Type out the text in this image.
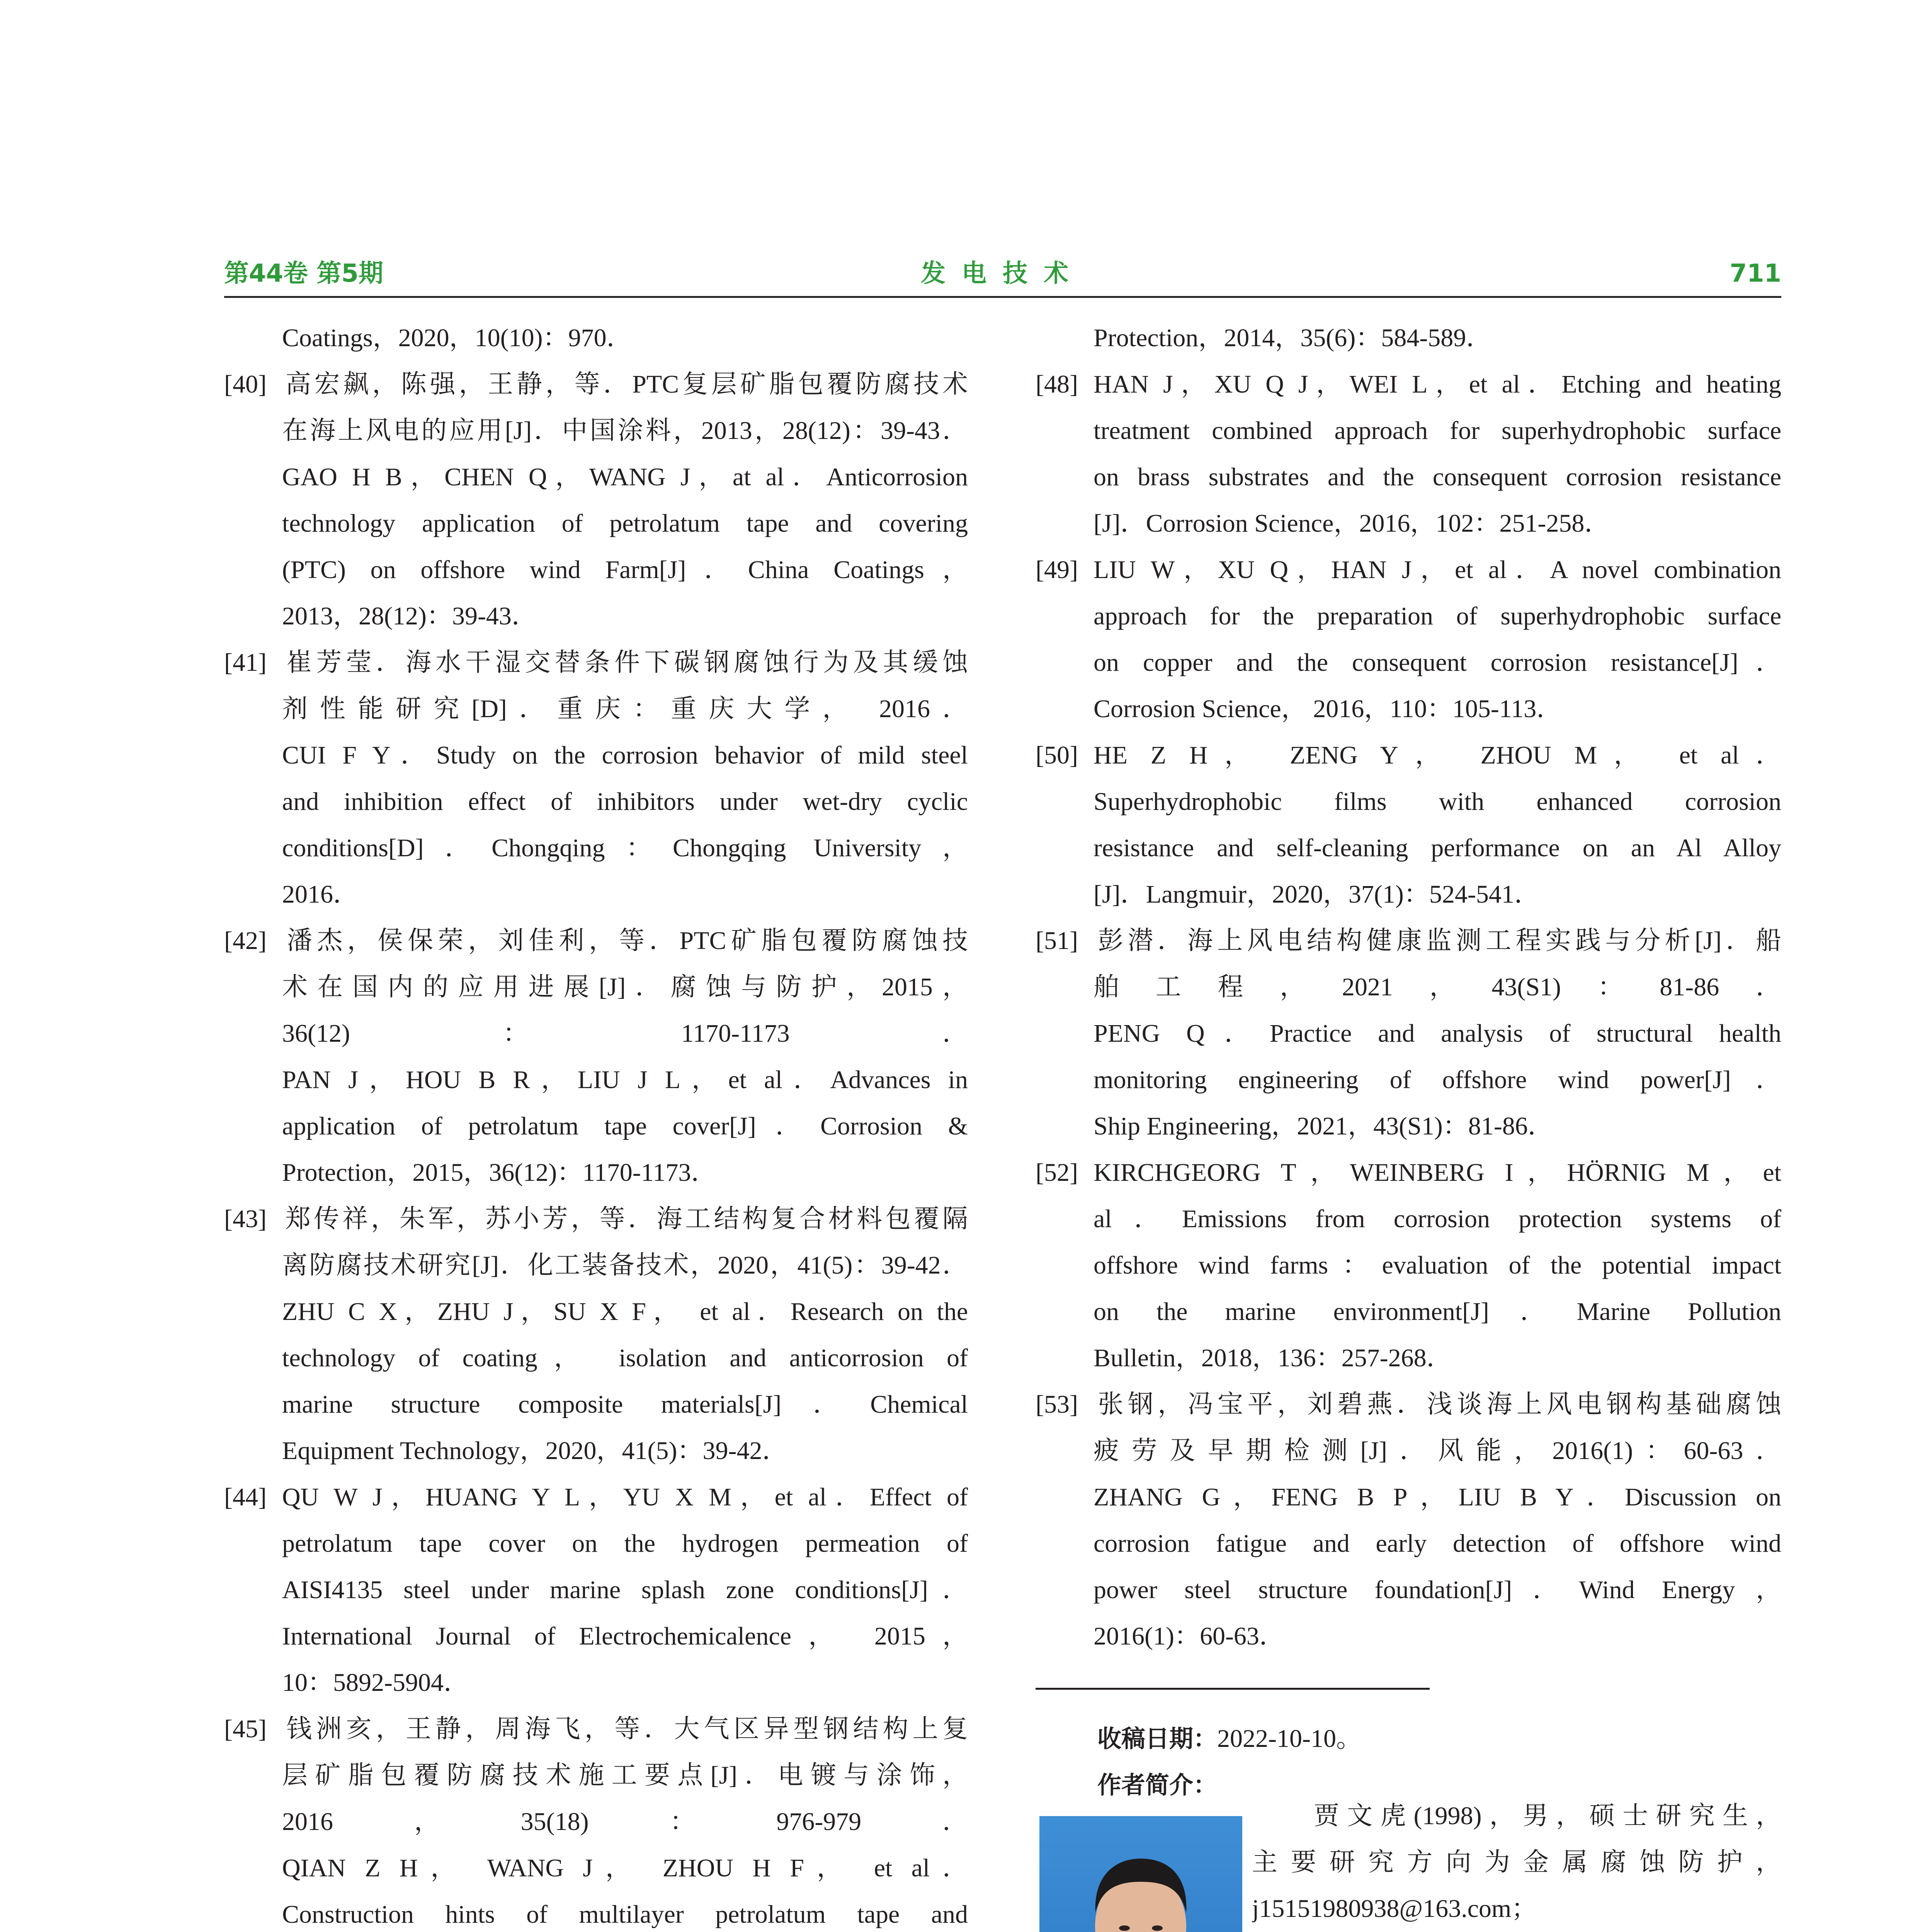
第44卷 第5期	发电技术	711
Coatings，2020，10(10)：970．
[40] 高宏飙，陈强，王静，等．PTC复层矿脂包覆防腐技术
在海上风电的应用[J]．中国涂料，2013，28(12)：39-43．
GAO H B，CHEN Q，WANG J，at al．Anticorrosion
technology application of petrolatum tape and covering
(PTC) on offshore wind Farm[J]．China Coatings，
2013，28(12)：39-43．
[41] 崔芳莹．海水干湿交替条件下碳钢腐蚀行为及其缓蚀
剂性能研究[D]．重庆：重庆大学， 2016．
CUI F Y．Study on the corrosion behavior of mild steel
and inhibition effect of inhibitors under wet-dry cyclic
conditions[D]．Chongqing：Chongqing University，
2016．
[42] 潘杰，侯保荣，刘佳利，等．PTC矿脂包覆防腐蚀技
术在国内的应用进展[J]．腐蚀与防护，2015，
36(12)：1170-1173．
PAN J，HOU B R，LIU J L，et al．Advances in
application of petrolatum tape cover[J]．Corrosion &
Protection，2015，36(12)：1170-1173．
[43] 郑传祥，朱军，苏小芳，等．海工结构复合材料包覆隔
离防腐技术研究[J]．化工装备技术，2020，41(5)：39-42．
ZHU C X，ZHU J，SU X F， et al．Research on the
technology of coating， isolation and anticorrosion of
marine structure composite materials[J]．Chemical
Equipment Technology，2020，41(5)：39-42．
[44] QU W J，HUANG Y L，YU X M，et al．Effect of
petrolatum tape cover on the hydrogen permeation of
AISI4135 steel under marine splash zone conditions[J]．
International Journal of Electrochemicalence， 2015，
10：5892-5904．
[45] 钱洲亥，王静，周海飞，等．大气区异型钢结构上复
层矿脂包覆防腐技术施工要点[J]．电镀与涂饰，
2016，35(18)：976-979．
QIAN Z H， WANG J， ZHOU H F， et al．
Construction hints of multilayer petrolatum tape and
Protection，2014，35(6)：584-589．
[48] HAN J，XU Q J，WEI L，et al．Etching and heating
treatment combined approach for superhydrophobic surface
on brass substrates and the consequent corrosion resistance
[J]．Corrosion Science，2016，102：251-258．
[49] LIU W，XU Q，HAN J，et al．A novel combination
approach for the preparation of superhydrophobic surface
on copper and the consequent corrosion resistance[J]．
Corrosion Science， 2016，110：105-113．
[50] HE Z H， ZENG Y， ZHOU M， et al．
Superhydrophobic films with enhanced corrosion
resistance and self-cleaning performance on an Al Alloy
[J]．Langmuir，2020，37(1)：524-541．
[51] 彭潜．海上风电结构健康监测工程实践与分析[J]．船
舶工程，2021，43(S1)：81-86．
PENG Q．Practice and analysis of structural health
monitoring engineering of offshore wind power[J]．
Ship Engineering，2021，43(S1)：81-86．
[52] KIRCHGEORG T，WEINBERG I，HÖRNIG M，et
al．Emissions from corrosion protection systems of
offshore wind farms：evaluation of the potential impact
on the marine environment[J]．Marine Pollution
Bulletin，2018，136：257-268．
[53] 张钢，冯宝平，刘碧燕．浅谈海上风电钢构基础腐蚀
疲劳及早期检测[J]．风能，2016(1)：60-63．
ZHANG G，FENG B P，LIU B Y．Discussion on
corrosion fatigue and early detection of offshore wind
power steel structure foundation[J]．Wind Energy，
2016(1)：60-63．
收稿日期：2022-10-10。
作者简介：
贾文虎(1998)，男，硕士研究生，
主要研究方向为金属腐蚀防护，
j15151980938@163.com；
